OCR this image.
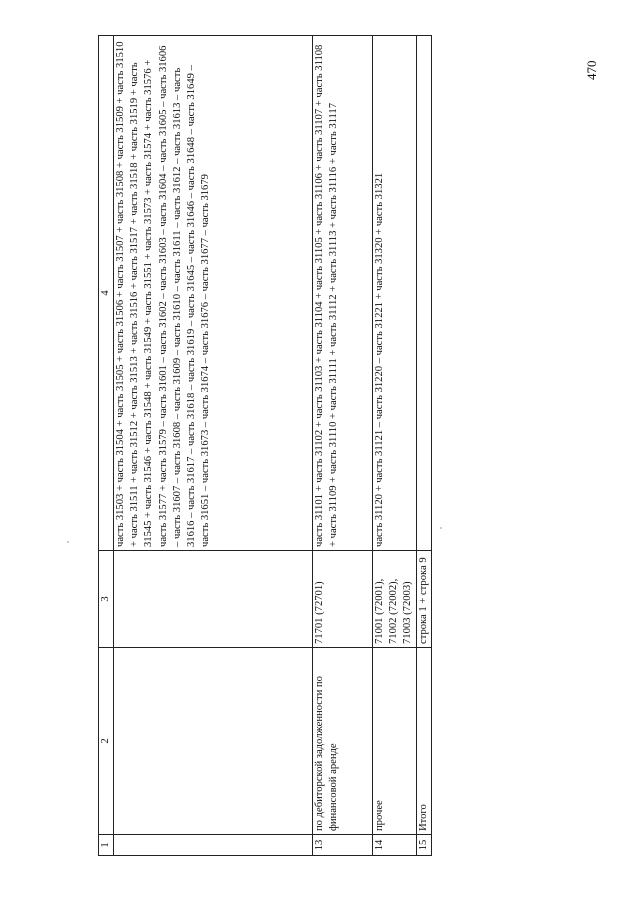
470
1	2	3	4

			часть 31503 + часть 31504 + часть 31505 + часть 31506 + часть 31507 + часть 31508 + часть 31509 + часть 31510 + часть 31511 + часть 31512 + часть 31513 + часть 31516 + часть 31517 + часть 31518 + часть 31519 + часть 31545 + часть 31546 + часть 31548 + часть 31549 + часть 31551 + часть 31573 + часть 31574 + часть 31576 + часть 31577 + часть 31579 – часть 31601 – часть 31602 – часть 31603 – часть 31604 – часть 31605 – часть 31606 – часть 31607 – часть 31608 – часть 31609 – часть 31610 – часть 31611 – часть 31612 – часть 31613 – часть 31616 – часть 31617 – часть 31618 – часть 31619 – часть 31645 – часть 31646 – часть 31648 – часть 31649 – часть 31651 – часть 31673 – часть 31674 – часть 31676 – часть 31677 – часть 31679

13	по дебиторской задолженности по финансовой аренде	71701 (72701)	часть 31101 + часть 31102 + часть 31103 + часть 31104 + часть 31105 + часть 31106 + часть 31107 + часть 31108 + часть 31109 + часть 31110 + часть 31111 + часть 31112 + часть 31113 + часть 31116 + часть 31117

14	прочее	71001 (72001), 71002 (72002), 71003 (72003)	часть 31120 + часть 31121 – часть 31220 – часть 31221 + часть 31320 + часть 31321

15	Итого	строка 1 + строка 9	
